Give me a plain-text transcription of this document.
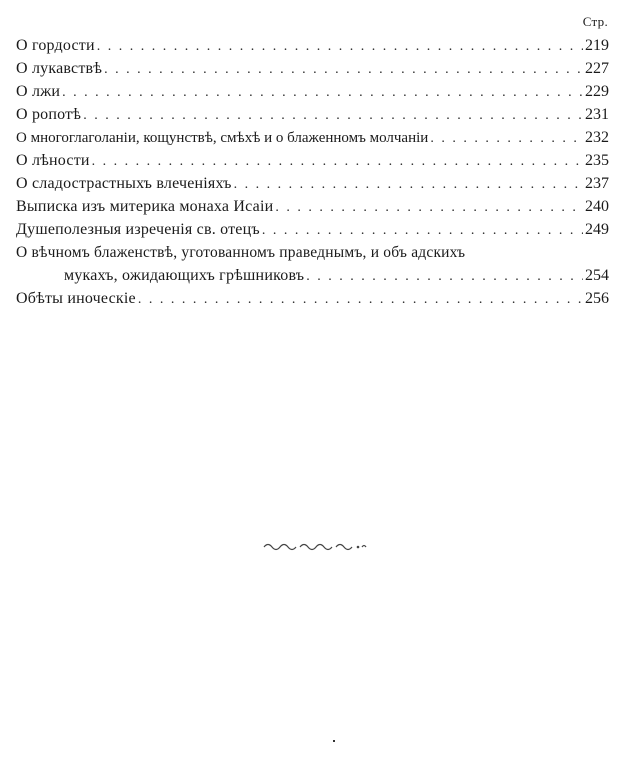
Стр.
О гордости . . .	219
О лукавствѣ . . .	227
О лжи . . .	229
О ропотѣ . . .	231
О многоглаголанiи, кощунствѣ, смѣхѣ и о блаженномъ молчанiи . . .	232
О лѣности . . .	235
О сладострастныхъ влеченiяхъ . . .	237
Выписка изъ митерика монаха Исаiи . . .	240
Душеполезныя изреченiя св. отецъ . . .	249
О вѣчномъ блаженствѣ, уготованномъ праведнымъ, и объ адскихъ
мукахъ, ожидающихъ грѣшниковъ . . .	254
Обѣты иноческiе . . .	256
